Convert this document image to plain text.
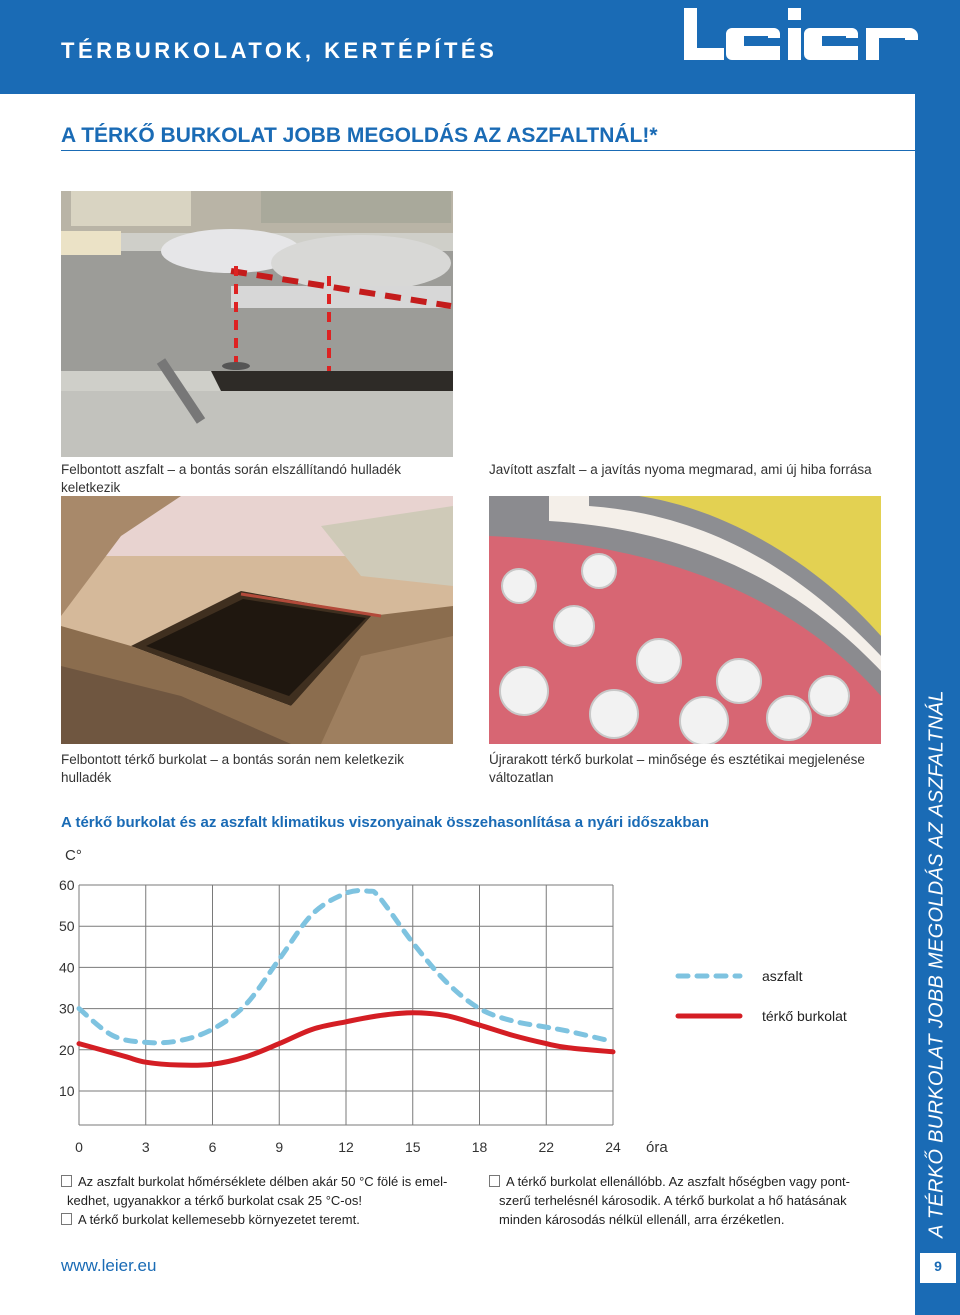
TÉRBURKOLATOK, KERTÉPÍTÉS
A TÉRKŐ BURKOLAT JOBB MEGOLDÁS AZ ASZFALTNÁL
9
A TÉRKŐ BURKOLAT JOBB MEGOLDÁS AZ ASZFALTNÁL!*
Felbontott aszfalt – a bontás során elszállítandó hulladék keletkezik
Javított aszfalt – a javítás nyoma megmarad, ami új hiba forrása
Felbontott térkő burkolat – a bontás során nem keletkezik hulladék
Újrarakott térkő burkolat – minősége és esztétikai megjelenése változatlan
A térkő burkolat és az aszfalt klimatikus viszonyainak összehasonlítása a nyári időszakban
C°
10
20
30
40
50
60
0	3	6	9	12	15	18	22	24 óra
aszfalt
térkő burkolat
Az aszfalt burkolat hőmérséklete délben akár 50 °C fölé is emel-
kedhet, ugyanakkor a térkő burkolat csak 25 °C-os!
A térkő burkolat kellemesebb környezetet teremt.
A térkő burkolat ellenállóbb. Az aszfalt hőségben vagy pont-
szerű terhelésnél károsodik. A térkő burkolat a hő hatásának
minden károsodás nélkül ellenáll, arra érzéketlen.
www.leier.eu
